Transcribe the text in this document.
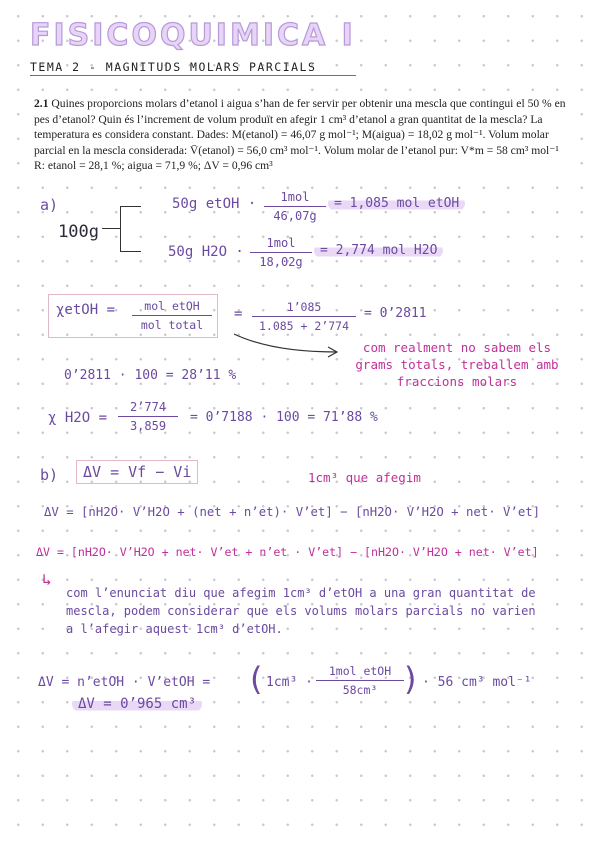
FISICOQUIMICA I
TEMA 2 - MAGNITUDS MOLARS PARCIALS

2.1 Quines proporcions molars d’etanol i aigua s’han de fer servir per obtenir una mescla que contingui el 50 % en pes d’etanol? Quin és l’increment de volum produït en afegir 1 cm³ d’etanol a gran quantitat de la mescla? La temperatura es considera constant. Dades: M(etanol) = 46,07 g mol⁻¹; M(aigua) = 18,02 g mol⁻¹. Volum molar parcial en la mescla considerada: V̄(etanol) = 56,0 cm³ mol⁻¹. Volum molar de l’etanol pur: V*m = 58 cm³ mol⁻¹
R: etanol = 28,1 %; aigua = 71,9 %; ΔV = 0,96 cm³

a)
100g
50g etOH ·	1mol
46,07g
= 1,085 mol etOH
50g H2O ·
1mol
18,02g
= 2,774 mol H2O
χetOH =	mol etOH
mol total
=	1’085
1.085 + 2’774
= 0’2811
com realment no sabem els grams totals, treballem amb fraccions molars
0’2811 · 100 = 28’11 %
χ H2O =
2’774
3,859
= 0’7188 · 100 = 71’88 %
b)	ΔV = Vf − Vi	1cm³ que afegim
ΔV = [nH2O· V’H2O + (net + n’et)· V’et] − [nH2O· V’H2O + net· V’et]
ΔV = [nH2O· V’H2O + net· V’et + n’et · V’et] − [nH2O· V’H2O + net· V’et]
↳
com l’enunciat diu que afegim 1cm³ d’etOH a una gran quantitat de mescla, podem considerar que els volums molars parcials no varien a l’afegir aquest 1cm³ d’etOH.
ΔV = n’etOH · V’etOH = ( 1cm³ ·
1mol etOH
58cm³ ) · 56 cm³ mol⁻¹
ΔV = 0’965 cm³
